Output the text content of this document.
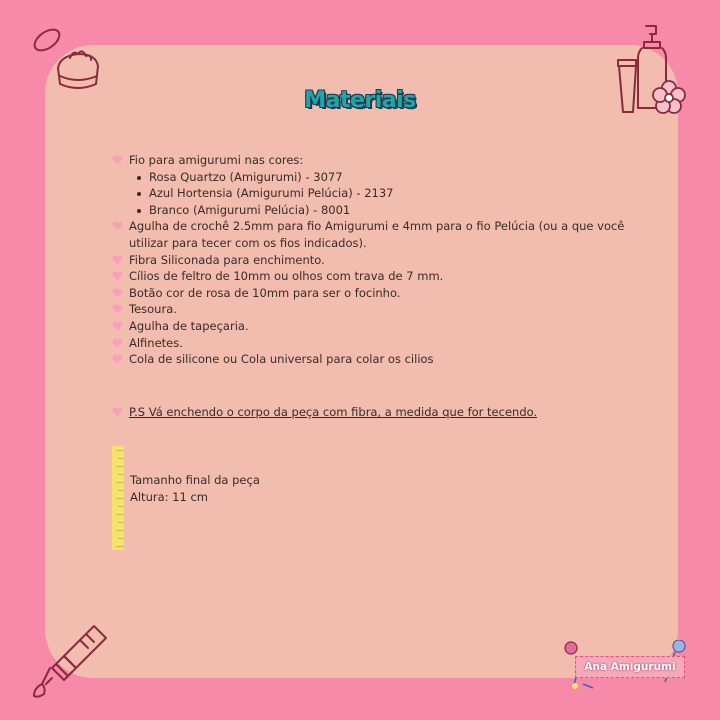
Materiais
Fio para amigurumi nas cores:
Rosa Quartzo (Amigurumi) - 3077
Azul Hortensia (Amigurumi Pelúcia) - 2137
Branco (Amigurumi Pelúcia) - 8001
Agulha de crochê 2.5mm para fio Amigurumi e 4mm para o fio Pelúcia (ou a que você utilizar para tecer com os fios indicados).
Fibra Siliconada para enchimento.
Cílios de feltro de 10mm ou olhos com trava de 7 mm.
Botão cor de rosa de 10mm para ser o focinho.
Tesoura.
Agulha de tapeçaria.
Alfinetes.
Cola de silicone ou Cola universal para colar os cilios
P.S Vá enchendo o corpo da peça com fibra, a medida que for tecendo.
Tamanho final da peça
Altura: 11 cm
Ana Amigurumi
